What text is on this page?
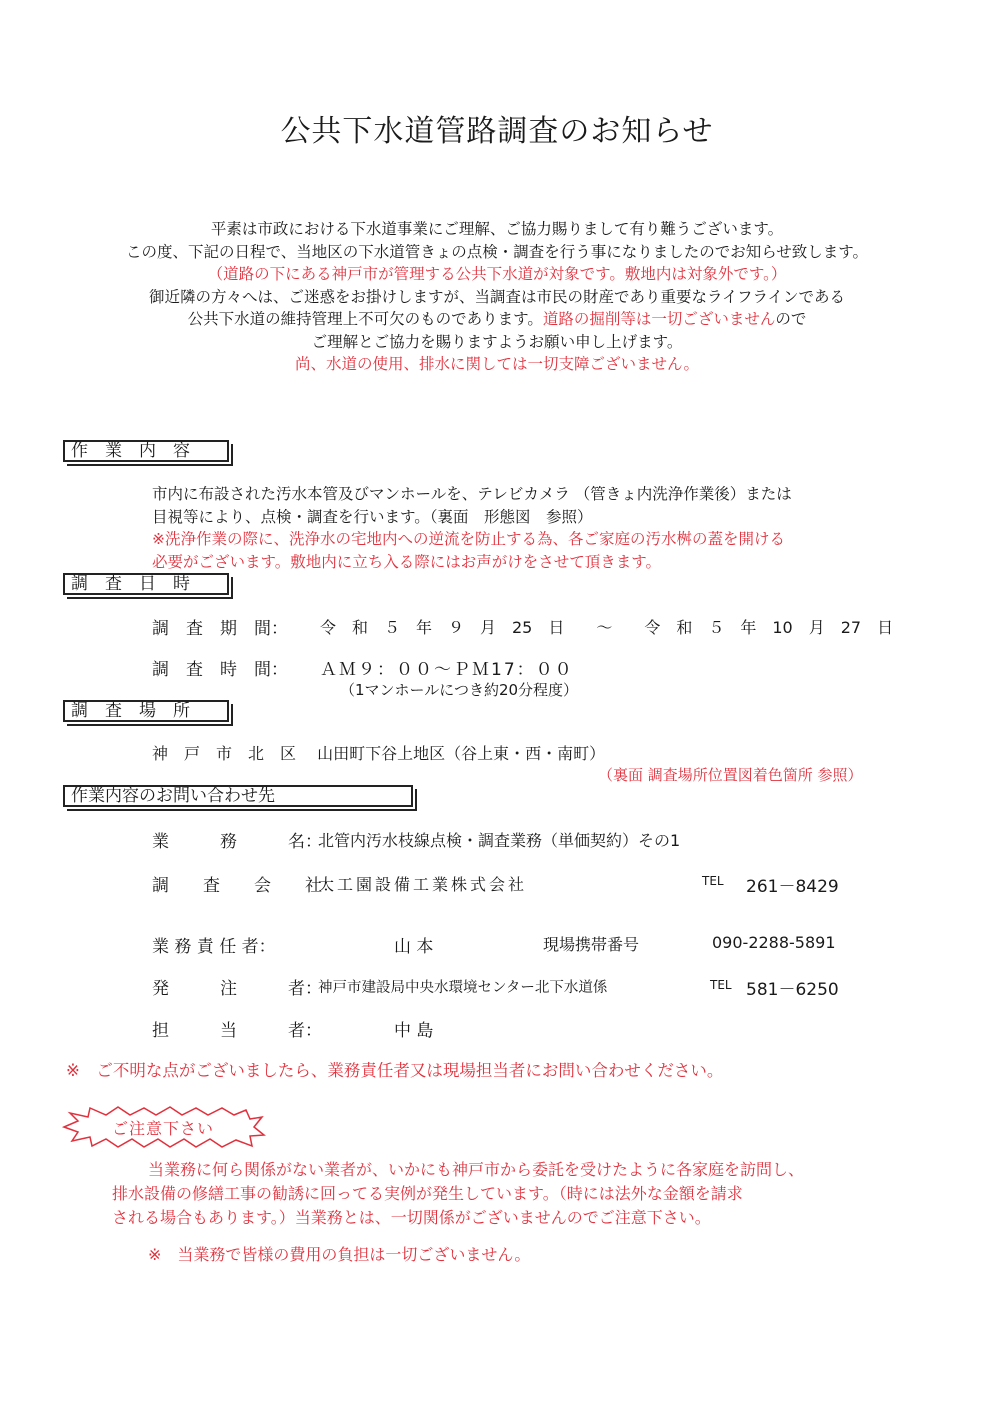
公共下水道管路調査のお知らせ
平素は市政における下水道事業にご理解、ご協力賜りまして有り難うございます。
この度、下記の日程で、当地区の下水道管きょの点検・調査を行う事になりましたのでお知らせ致します。
（道路の下にある神戸市が管理する公共下水道が対象です。敷地内は対象外です。）
御近隣の方々へは、ご迷惑をお掛けしますが、当調査は市民の財産であり重要なライフラインである
公共下水道の維持管理上不可欠のものであります。道路の掘削等は一切ございませんので
ご理解とご協力を賜りますようお願い申し上げます。
尚、水道の使用、排水に関しては一切支障ございません。
作　業　内　容
市内に布設された汚水本管及びマンホールを、テレビカメラ （管きょ内洗浄作業後）または
目視等により、点検・調査を行います。（裏面　形態図　参照）
※洗浄作業の際に、洗浄水の宅地内への逆流を防止する為、各ご家庭の汚水桝の蓋を開ける
必要がございます。敷地内に立ち入る際にはお声がけをさせて頂きます。
調　査　日　時
調　査　期　間： 令　和　５　年　９　月　25　日　　～　　令　和　５　年　10　月　27　日
調　査　時　間： ＡＭ９：００～ＰＭ17：００
（1マンホールにつき約20分程度）
調　査　場　所
神　戸　市　北　区　 山田町下谷上地区（谷上東・西・南町）
（裏面 調査場所位置図着色箇所 参照）
作業内容のお問い合わせ先
業　　　務　　　名：
北管内汚水枝線点検・調査業務（単価契約）その1
調　　査　　会　　社：
大工園設備工業株式会社	TEL 261－8429
業 務 責 任 者：	山 本	現場携帯番号	090-2288-5891
発　　　注　　　者：
神戸市建設局中央水環境センター北下水道係	TEL 581－6250
担　　　当　　　者：	中 島
※　ご不明な点がございましたら、業務責任者又は現場担当者にお問い合わせください。
ご注意下さい
当業務に何ら関係がない業者が、いかにも神戸市から委託を受けたように各家庭を訪問し、
排水設備の修繕工事の勧誘に回ってる実例が発生しています。（時には法外な金額を請求
される場合もあります。）当業務とは、一切関係がございませんのでご注意下さい。
※　当業務で皆様の費用の負担は一切ございません。
